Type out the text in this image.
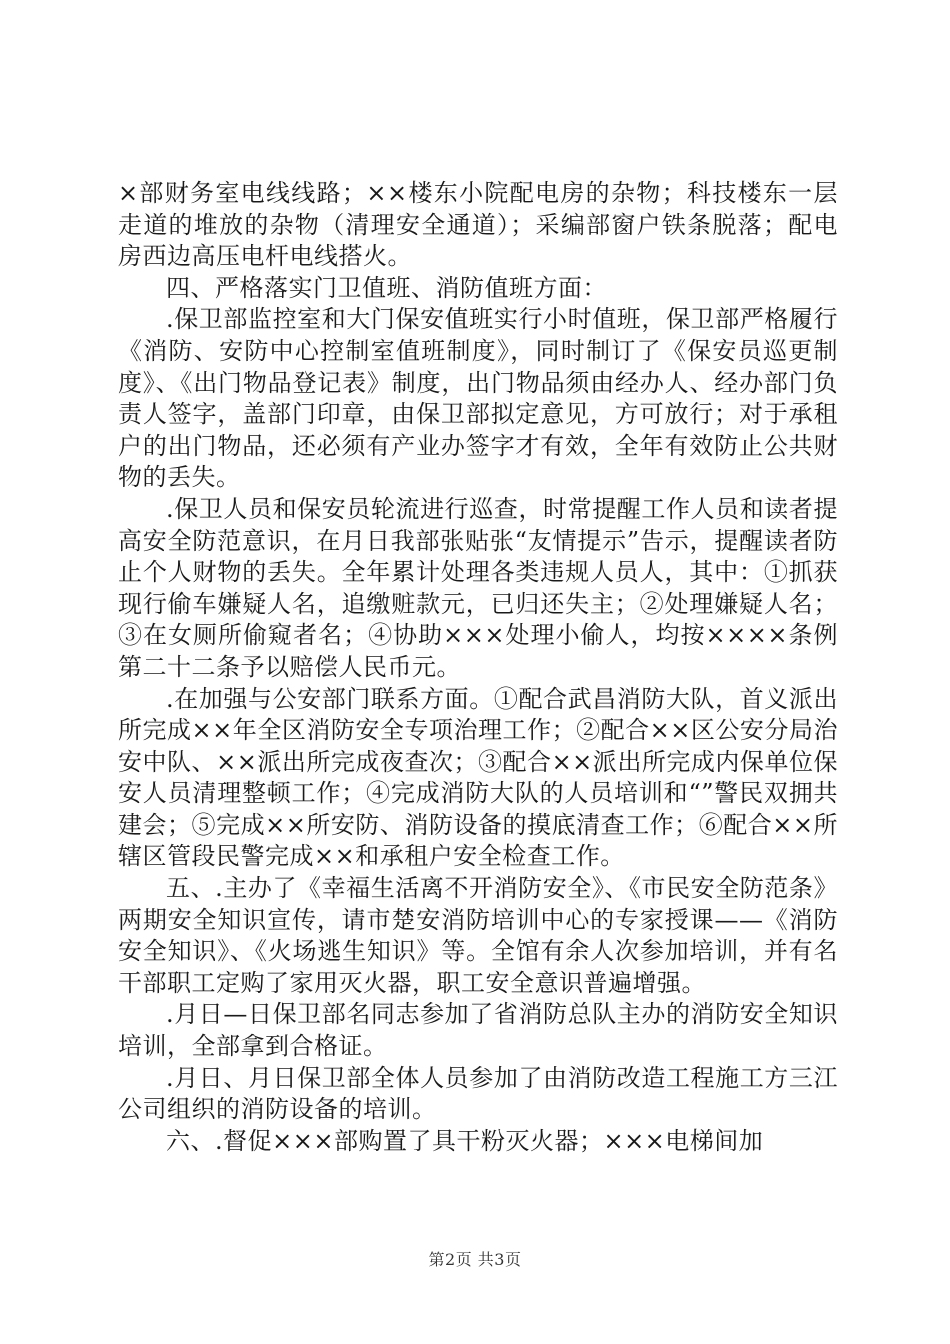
×部财务室电线线路；××楼东小院配电房的杂物；科技楼东一层走道的堆放的杂物（清理安全通道）；采编部窗户铁条脱落；配电房西边高压电杆电线搭火。

四、严格落实门卫值班、消防值班方面：

.保卫部监控室和大门保安值班实行小时值班，保卫部严格履行《消防、安防中心控制室值班制度》，同时制订了《保安员巡更制度》、《出门物品登记表》制度，出门物品须由经办人、经办部门负责人签字，盖部门印章，由保卫部拟定意见，方可放行；对于承租户的出门物品，还必须有产业办签字才有效，全年有效防止公共财物的丢失。

.保卫人员和保安员轮流进行巡查，时常提醒工作人员和读者提高安全防范意识，在月日我部张贴张“友情提示”告示，提醒读者防止个人财物的丢失。全年累计处理各类违规人员人，其中：①抓获现行偷车嫌疑人名，追缴赃款元，已归还失主；②处理嫌疑人名；③在女厕所偷窥者名；④协助×××处理小偷人，均按××××条例第二十二条予以赔偿人民币元。

.在加强与公安部门联系方面。①配合武昌消防大队，首义派出所完成××年全区消防安全专项治理工作；②配合××区公安分局治安中队、××派出所完成夜查次；③配合××派出所完成内保单位保安人员清理整顿工作；④完成消防大队的人员培训和“”警民双拥共建会；⑤完成××所安防、消防设备的摸底清查工作；⑥配合××所辖区管段民警完成××和承租户安全检查工作。

五、.主办了《幸福生活离不开消防安全》、《市民安全防范条》两期安全知识宣传，请市楚安消防培训中心的专家授课——《消防安全知识》、《火场逃生知识》等。全馆有余人次参加培训，并有名干部职工定购了家用灭火器，职工安全意识普遍增强。

.月日—日保卫部名同志参加了省消防总队主办的消防安全知识培训，全部拿到合格证。

.月日、月日保卫部全体人员参加了由消防改造工程施工方三江公司组织的消防设备的培训。

六、.督促×××部购置了具干粉灭火器；×××电梯间加

第2页 共3页
